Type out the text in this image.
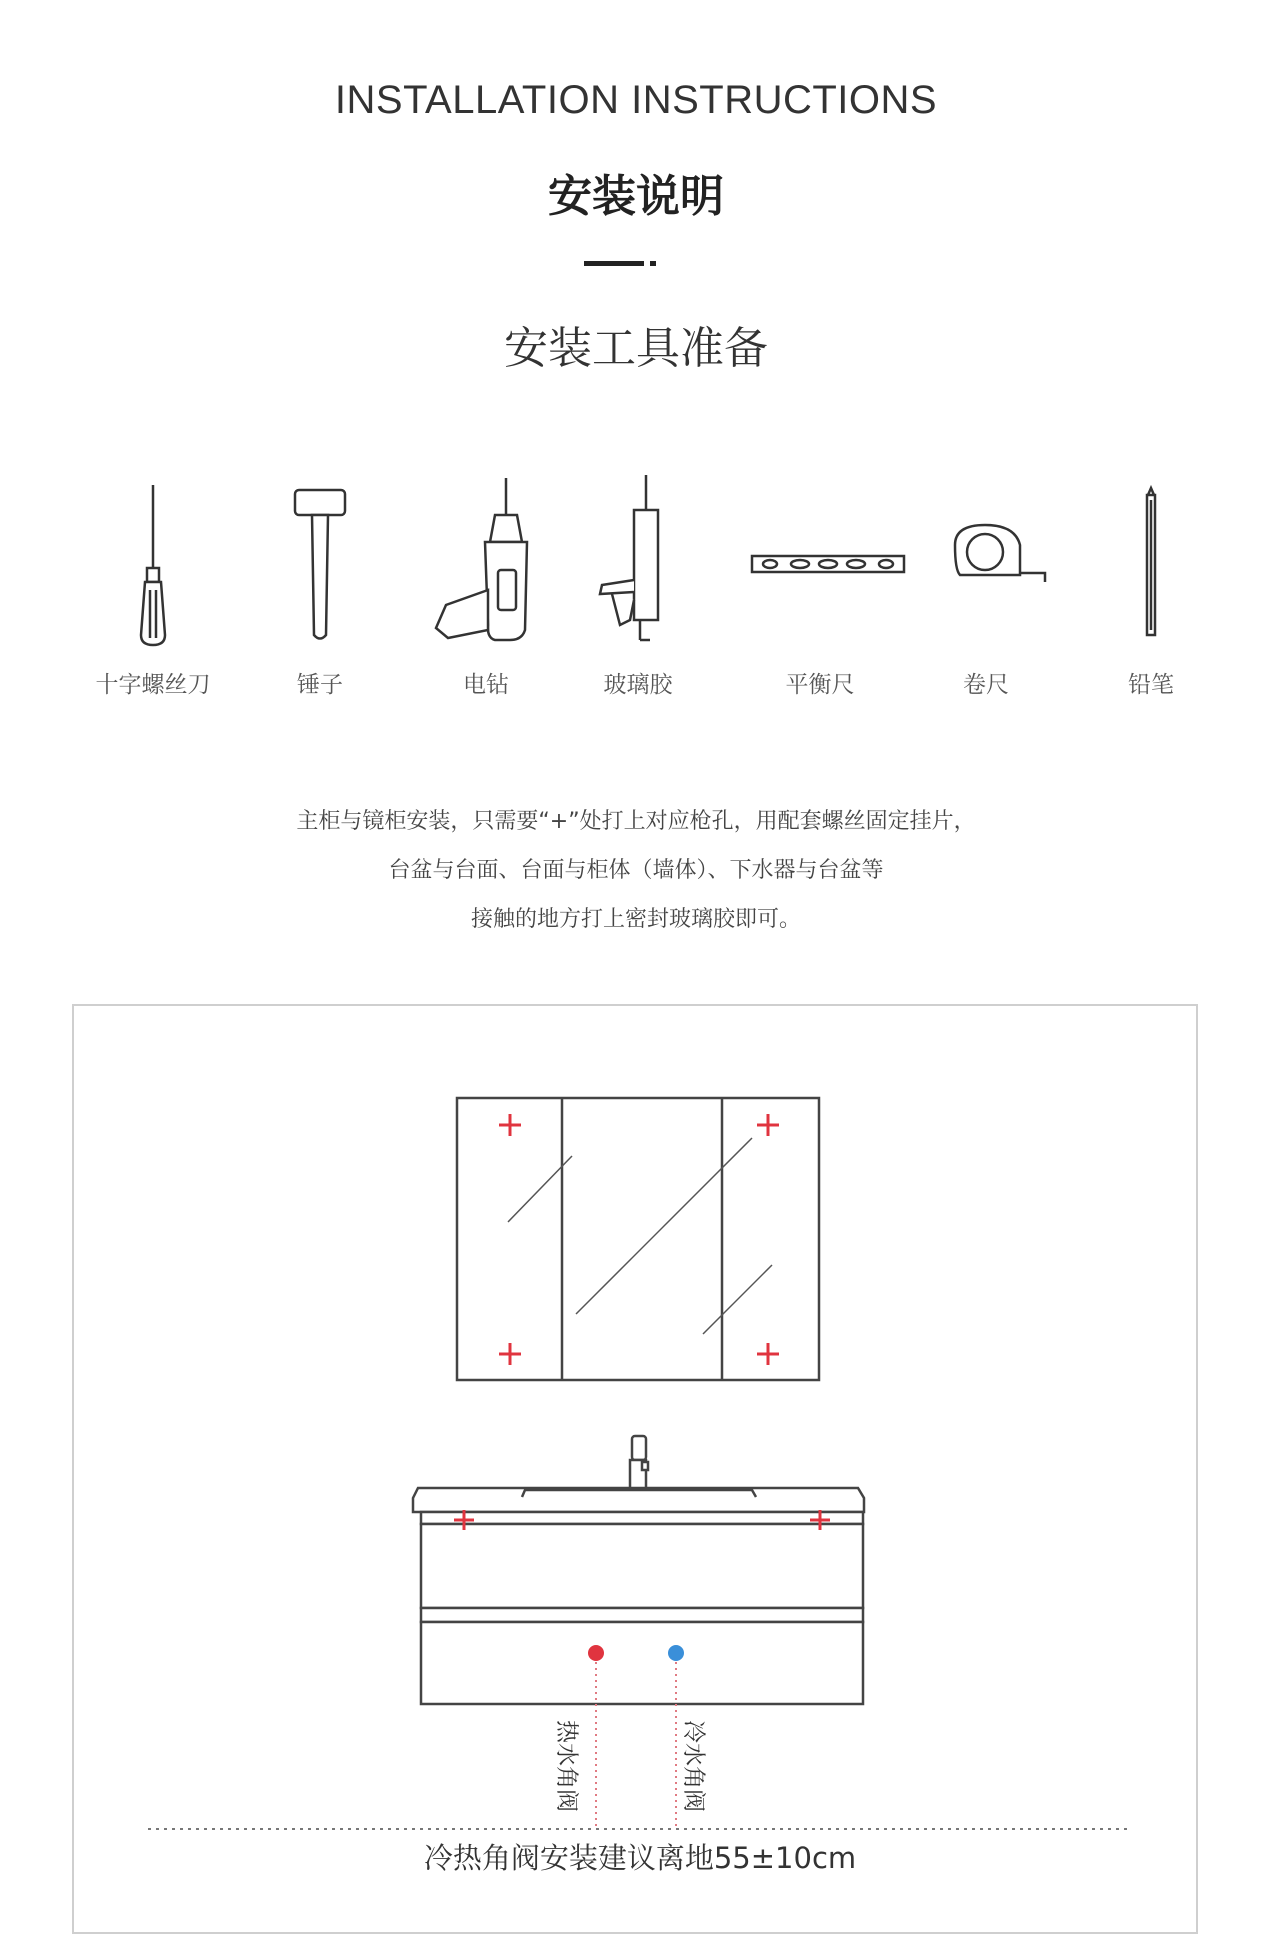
INSTALLATION INSTRUCTIONS
安装说明
安装工具准备
十字螺丝刀	锤子	电钻	玻璃胶	平衡尺	卷尺	铅笔
主柜与镜柜安装，只需要“+”处打上对应枪孔，用配套螺丝固定挂片，
台盆与台面、台面与柜体（墙体）、下水器与台盆等
接触的地方打上密封玻璃胶即可。
热水角阀	冷水角阀
冷热角阀安装建议离地55±10cm
